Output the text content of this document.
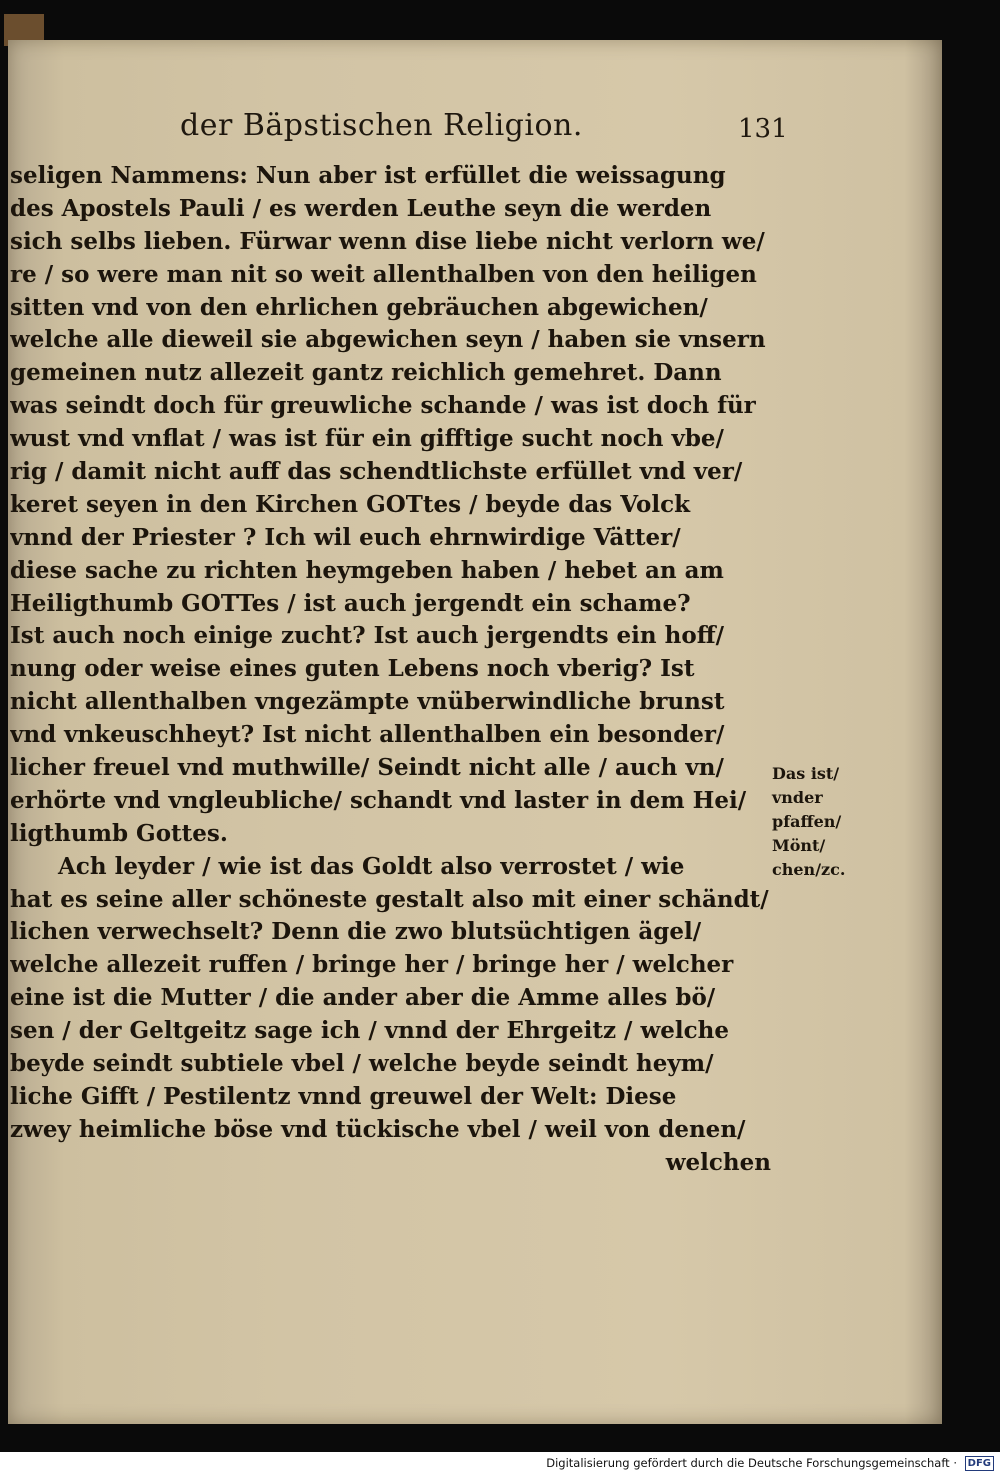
der Bäpstischen Religion.	131
seligen Nammens: Nun aber ist erfüllet die weissagung
des Apostels Pauli / es werden Leuthe seyn die werden
sich selbs lieben. Fürwar wenn dise liebe nicht verlorn we/
re / so were man nit so weit allenthalben von den heiligen
sitten vnd von den ehrlichen gebräuchen abgewichen/
welche alle dieweil sie abgewichen seyn / haben sie vnsern
gemeinen nutz allezeit gantz reichlich gemehret. Dann
was seindt doch für greuwliche schande / was ist doch für
wust vnd vnflat / was ist für ein gifftige sucht noch vbe/
rig / damit nicht auff das schendtlichste erfüllet vnd ver/
keret seyen in den Kirchen GOTtes / beyde das Volck
vnnd der Priester ? Ich wil euch ehrnwirdige Vätter/
diese sache zu richten heymgeben haben / hebet an am
Heiligthumb GOTTes / ist auch jergendt ein schame?
Ist auch noch einige zucht? Ist auch jergendts ein hoff/
nung oder weise eines guten Lebens noch vberig? Ist
nicht allenthalben vngezämpte vnüberwindliche brunst
vnd vnkeuschheyt? Ist nicht allenthalben ein besonder/
licher freuel vnd muthwille/ Seindt nicht alle / auch vn/
erhörte vnd vngleubliche/ schandt vnd laster in dem Hei/
ligthumb Gottes.
Ach leyder / wie ist das Goldt also verrostet / wie
hat es seine aller schöneste gestalt also mit einer schändt/
lichen verwechselt? Denn die zwo blutsüchtigen ägel/
welche allezeit ruffen / bringe her / bringe her / welcher
eine ist die Mutter / die ander aber die Amme alles bö/
sen / der Geltgeitz sage ich / vnnd der Ehrgeitz / welche
beyde seindt subtiele vbel / welche beyde seindt heym/
liche Gifft / Pestilentz vnnd greuwel der Welt: Diese
zwey heimliche böse vnd tückische vbel / weil von denen/
welchen
Das ist/
vnder
pfaffen/
Mönt/
chen/zc.
Digitalisierung gefördert durch die Deutsche Forschungsgemeinschaft · DFG
